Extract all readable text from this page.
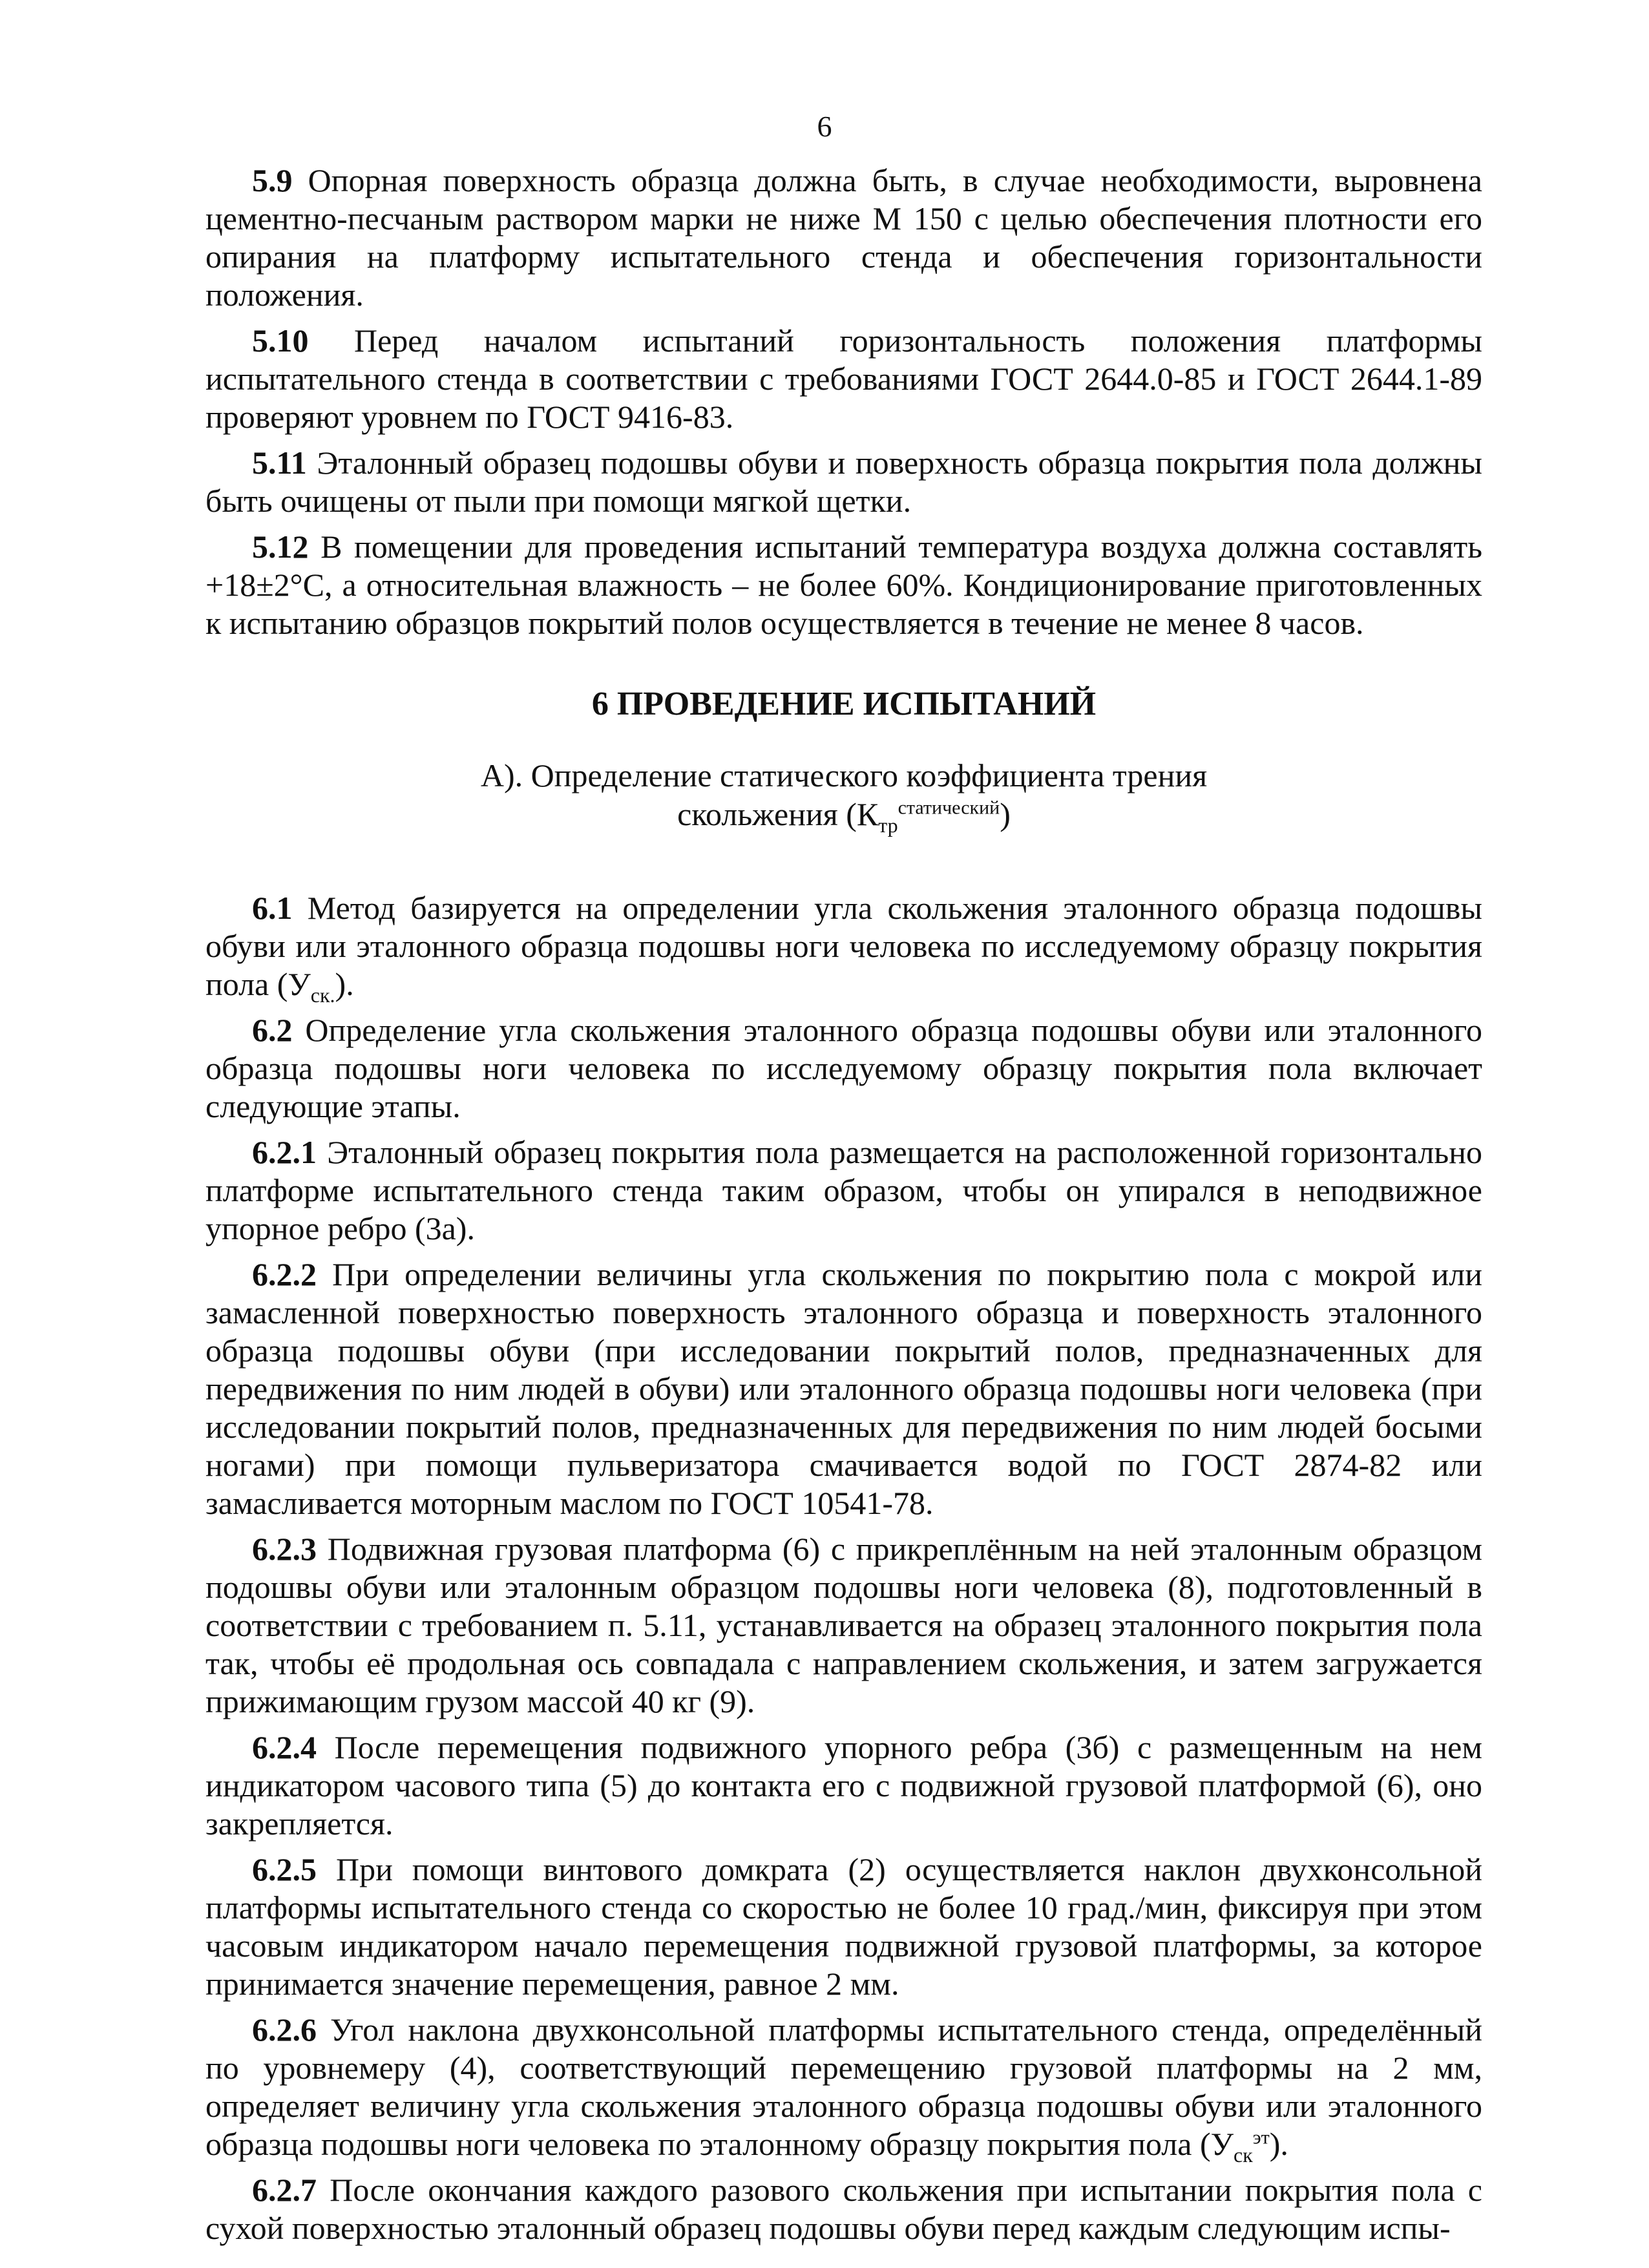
6

5.9 Опорная поверхность образца должна быть, в случае необходимости, выровнена цементно-песчаным раствором марки не ниже М 150 с целью обеспечения плотности его опирания на платформу испытательного стенда и обеспечения горизонтальности положения.

5.10 Перед началом испытаний горизонтальность положения платформы испытательного стенда в соответствии с требованиями ГОСТ 2644.0-85 и ГОСТ 2644.1-89 проверяют уровнем по ГОСТ 9416-83.

5.11 Эталонный образец подошвы обуви и поверхность образца покрытия пола должны быть очищены от пыли при помощи мягкой щетки.

5.12 В помещении для проведения испытаний температура воздуха должна составлять +18±2°С, а относительная влажность – не более 60%. Кондиционирование приготовленных к испытанию образцов покрытий полов осуществляется в течение не менее 8 часов.

6 ПРОВЕДЕНИЕ ИСПЫТАНИЙ
А). Определение статического коэффициента трения
скольжения $(К_{тр}^{статический})$

6.1 Метод базируется на определении угла скольжения эталонного образца подошвы обуви или эталонного образца подошвы ноги человека по исследуемому образцу покрытия пола $(У_{ск.})$.

6.2 Определение угла скольжения эталонного образца подошвы обуви или эталонного образца подошвы ноги человека по исследуемому образцу покрытия пола включает следующие этапы.

6.2.1 Эталонный образец покрытия пола размещается на расположенной горизонтально платформе испытательного стенда таким образом, чтобы он упирался в неподвижное упорное ребро (3а).

6.2.2 При определении величины угла скольжения по покрытию пола с мокрой или замасленной поверхностью поверхность эталонного образца и поверхность эталонного образца подошвы обуви (при исследовании покрытий полов, предназначенных для передвижения по ним людей в обуви) или эталонного образца подошвы ноги человека (при исследовании покрытий полов, предназначенных для передвижения по ним людей босыми ногами) при помощи пульверизатора смачивается водой по ГОСТ 2874-82 или замасливается моторным маслом по ГОСТ 10541-78.

6.2.3 Подвижная грузовая платформа (6) с прикреплённым на ней эталонным образцом подошвы обуви или эталонным образцом подошвы ноги человека (8), подготовленный в соответствии с требованием п. 5.11, устанавливается на образец эталонного покрытия пола так, чтобы её продольная ось совпадала с направлением скольжения, и затем загружается прижимающим грузом массой 40 кг (9).

6.2.4 После перемещения подвижного упорного ребра (3б) с размещенным на нем индикатором часового типа (5) до контакта его с подвижной грузовой платформой (6), оно закрепляется.

6.2.5 При помощи винтового домкрата (2) осуществляется наклон двухконсольной платформы испытательного стенда со скоростью не более 10 град./мин, фиксируя при этом часовым индикатором начало перемещения подвижной грузовой платформы, за которое принимается значение перемещения, равное 2 мм.

6.2.6 Угол наклона двухконсольной платформы испытательного стенда, определённый по уровнемеру (4), соответствующий перемещению грузовой платформы на 2 мм, определяет величину угла скольжения эталонного образца подошвы обуви или эталонного образца подошвы ноги человека по эталонному образцу покрытия пола $(У_{ск}^{эт})$.

6.2.7 После окончания каждого разового скольжения при испытании покрытия пола с сухой поверхностью эталонный образец подошвы обуви перед каждым следующим испы-
